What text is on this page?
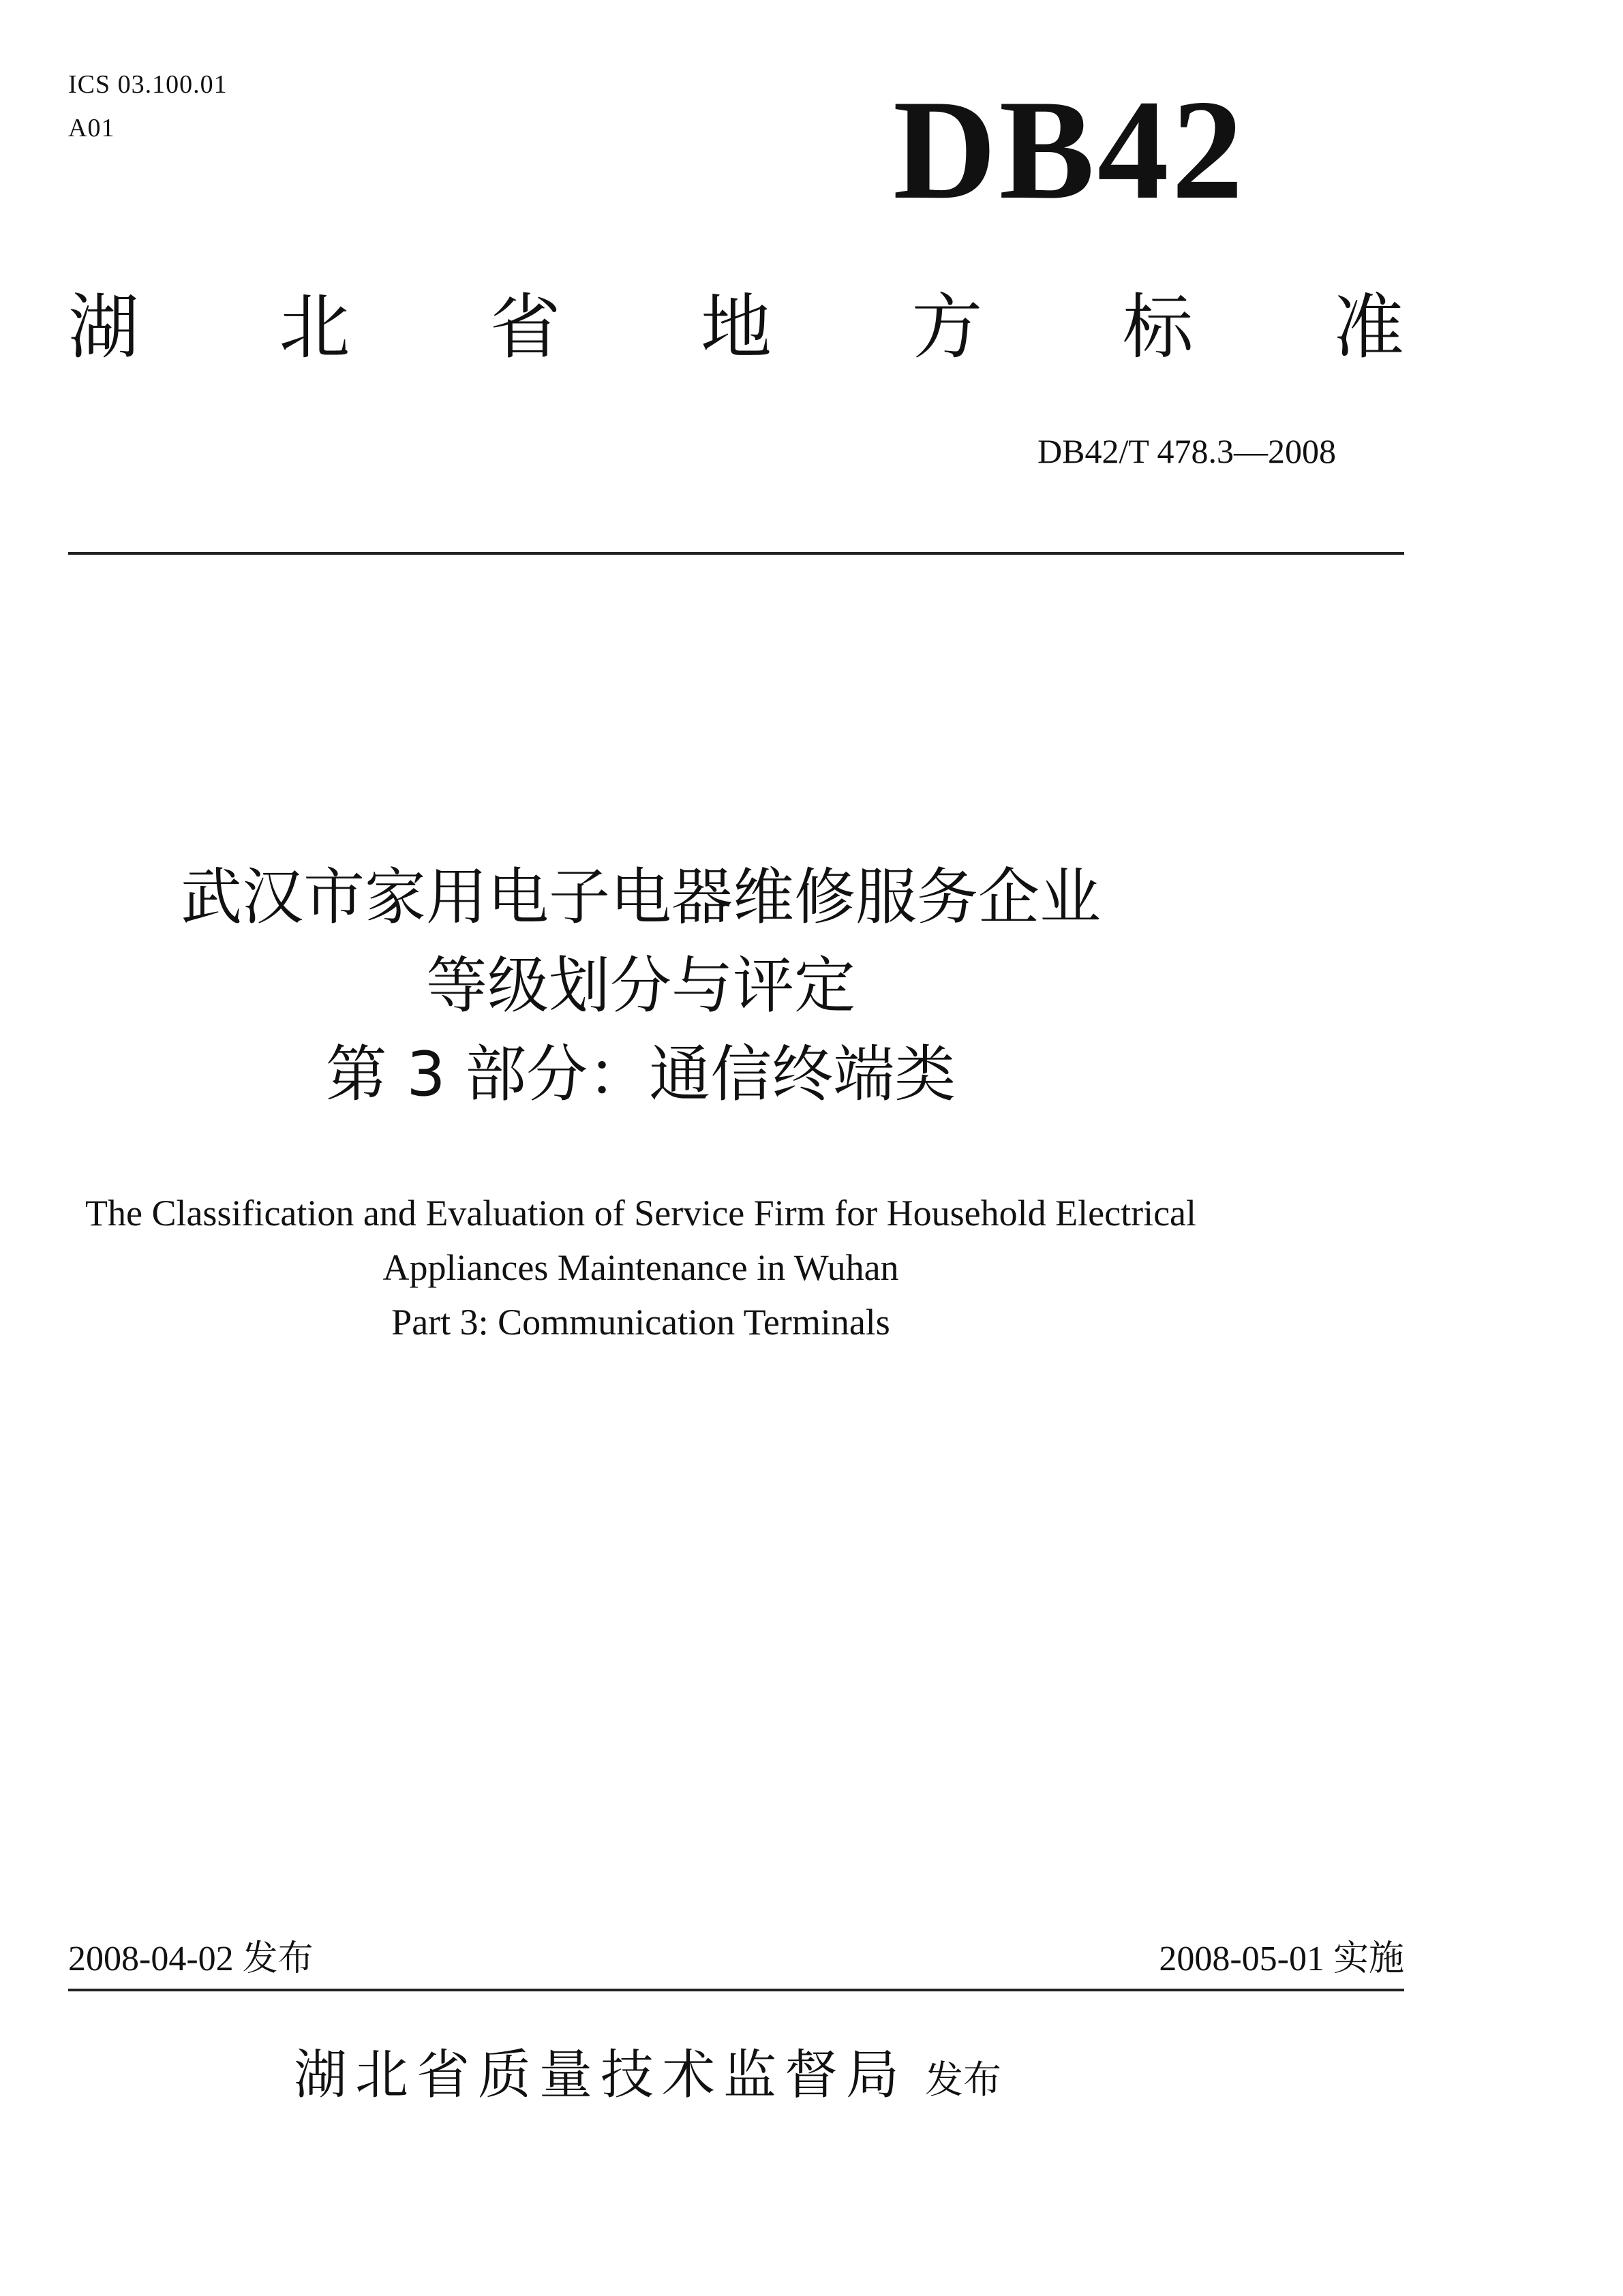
ICS 03.100.01
A01	DB42
湖 北 省 地 方 标 准
DB42/T 478.3—2008
武汉市家用电子电器维修服务企业
等级划分与评定
第 3 部分：通信终端类
The Classification and Evaluation of Service Firm for Household Electrical
Appliances Maintenance in Wuhan
Part 3: Communication Terminals
2008-04-02 发布	2008-05-01 实施
湖北省质量技术监督局 发布
